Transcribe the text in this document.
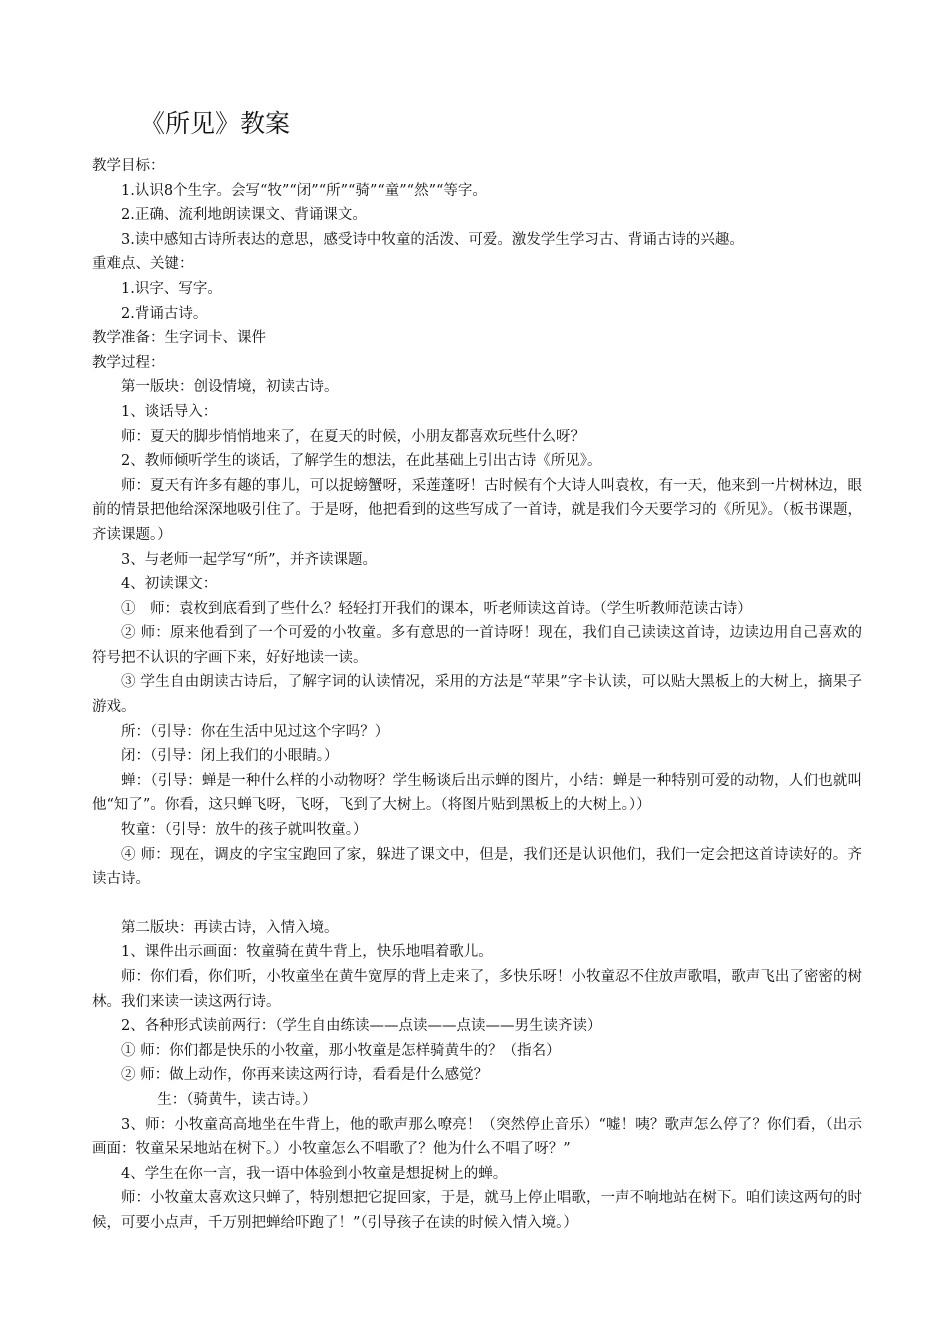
《所见》教案

教学目标：

1.认识8个生字。会写“牧”“闭”“所”“骑”“童”“然”“等字。

2.正确、流利地朗读课文、背诵课文。

3.读中感知古诗所表达的意思，感受诗中牧童的活泼、可爱。激发学生学习古、背诵古诗的兴趣。

重难点、关键：

1.识字、写字。

2.背诵古诗。

教学准备：生字词卡、课件

教学过程：

第一版块：创设情境，初读古诗。

1、谈话导入：

师：夏天的脚步悄悄地来了，在夏天的时候，小朋友都喜欢玩些什么呀？

2、教师倾听学生的谈话，了解学生的想法，在此基础上引出古诗《所见》。

师：夏天有许多有趣的事儿，可以捉螃蟹呀，采莲蓬呀！古时候有个大诗人叫袁枚，有一天，他来到一片树林边，眼前的情景把他给深深地吸引住了。于是呀，他把看到的这些写成了一首诗，就是我们今天要学习的《所见》。（板书课题，齐读课题。）

3、与老师一起学写“所”，并齐读课题。

4、初读课文：

①　师：袁枚到底看到了些什么？轻轻打开我们的课本，听老师读这首诗。（学生听教师范读古诗）

② 师：原来他看到了一个可爱的小牧童。多有意思的一首诗呀！现在，我们自己读读这首诗，边读边用自己喜欢的符号把不认识的字画下来，好好地读一读。

③ 学生自由朗读古诗后，了解字词的认读情况，采用的方法是“苹果”字卡认读，可以贴大黑板上的大树上，摘果子游戏。

所：（引导：你在生活中见过这个字吗？）

闭：（引导：闭上我们的小眼睛。）

蝉：（引导：蝉是一种什么样的小动物呀？学生畅谈后出示蝉的图片，小结：蝉是一种特别可爱的动物，人们也就叫他“知了”。你看，这只蝉飞呀，飞呀，飞到了大树上。（将图片贴到黑板上的大树上。））

牧童：（引导：放牛的孩子就叫牧童。）

④ 师：现在，调皮的字宝宝跑回了家，躲进了课文中，但是，我们还是认识他们，我们一定会把这首诗读好的。齐读古诗。

第二版块：再读古诗，入情入境。

1、课件出示画面：牧童骑在黄牛背上，快乐地唱着歌儿。

师：你们看，你们听，小牧童坐在黄牛宽厚的背上走来了，多快乐呀！小牧童忍不住放声歌唱，歌声飞出了密密的树林。我们来读一读这两行诗。

2、各种形式读前两行：（学生自由练读——点读——点读——男生读齐读）

① 师：你们都是快乐的小牧童，那小牧童是怎样骑黄牛的？（指名）

② 师：做上动作，你再来读这两行诗，看看是什么感觉？

生：（骑黄牛，读古诗。）

3、师：小牧童高高地坐在牛背上，他的歌声那么嘹亮！（突然停止音乐）“嘘！咦？歌声怎么停了？你们看，（出示画面：牧童呆呆地站在树下。）小牧童怎么不唱歌了？他为什么不唱了呀？”

4、学生在你一言，我一语中体验到小牧童是想捉树上的蝉。

师：小牧童太喜欢这只蝉了，特别想把它捉回家，于是，就马上停止唱歌，一声不响地站在树下。咱们读这两句的时候，可要小点声，千万别把蝉给吓跑了！”（引导孩子在读的时候入情入境。）
